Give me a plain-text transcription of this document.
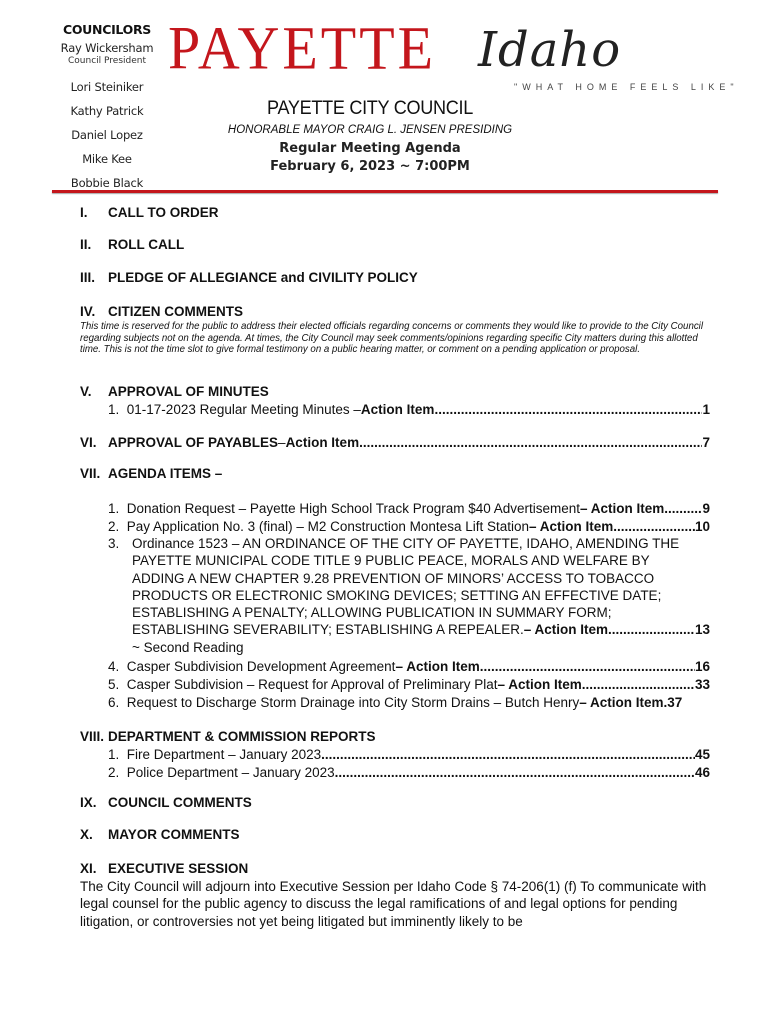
COUNCILORS
Ray Wickersham
Council President
Lori Steiniker
Kathy Patrick
Daniel Lopez
Mike Kee
Bobbie Black
PAYETTE Idaho
"WHAT HOME FEELS LIKE"
PAYETTE CITY COUNCIL
HONORABLE MAYOR CRAIG L. JENSEN PRESIDING
Regular Meeting Agenda
February 6, 2023 ~ 7:00PM
I. CALL TO ORDER
II. ROLL CALL
III. PLEDGE OF ALLEGIANCE and CIVILITY POLICY
IV. CITIZEN COMMENTS
This time is reserved for the public to address their elected officials regarding concerns or comments they would like to provide to the City Council regarding subjects not on the agenda. At times, the City Council may seek comments/opinions regarding specific City matters during this allotted time. This is not the time slot to give formal testimony on a public hearing matter, or comment on a pending application or proposal.
V. APPROVAL OF MINUTES
1.
01-17-2023 Regular Meeting Minutes – Action Item .....	1
VI. APPROVAL OF PAYABLES – Action Item .....	7
VII. AGENDA ITEMS –
1.
Donation Request – Payette High School Track Program $40 Advertisement – Action Item .....	9
2.
Pay Application No. 3 (final) – M2 Construction Montesa Lift Station – Action Item .....	10
3. Ordinance 1523 – AN ORDINANCE OF THE CITY OF PAYETTE, IDAHO, AMENDING THE
PAYETTE MUNICIPAL CODE TITLE 9 PUBLIC PEACE, MORALS AND WELFARE BY
ADDING A NEW CHAPTER 9.28 PREVENTION OF MINORS’ ACCESS TO TOBACCO
PRODUCTS OR ELECTRONIC SMOKING DEVICES; SETTING AN EFFECTIVE DATE;
ESTABLISHING A PENALTY; ALLOWING PUBLICATION IN SUMMARY FORM;
ESTABLISHING SEVERABILITY; ESTABLISHING A REPEALER. – Action Item .....	13
~ Second Reading
4.
Casper Subdivision Development Agreement – Action Item .....	16
5.
Casper Subdivision – Request for Approval of Preliminary Plat – Action Item .....	33
6.
Request to Discharge Storm Drainage into City Storm Drains – Butch Henry – Action Item. 37
VIII. DEPARTMENT & COMMISSION REPORTS
1.
Fire Department – January 2023 .....	45
2.
Police Department – January 2023 .....	46
IX. COUNCIL COMMENTS
X. MAYOR COMMENTS
XI. EXECUTIVE SESSION
The City Council will adjourn into Executive Session per Idaho Code § 74-206(1) (f) To communicate with legal counsel for the public agency to discuss the legal ramifications of and legal options for pending litigation, or controversies not yet being litigated but imminently likely to be
